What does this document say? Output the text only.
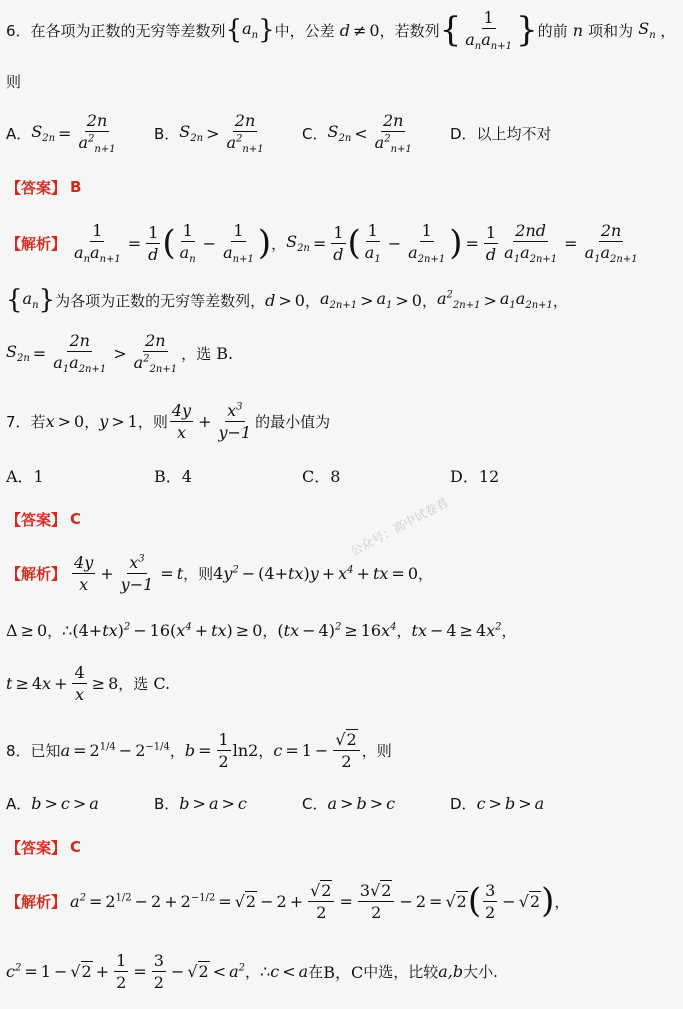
6． 在各项为正数的无穷等差数列 { $a_n$ } 中，公差 d ≠ 0 ，若数列 { $\frac{1}{a_na_{n+1}}$ } 的前 n 项和为 $S_n$ ，
则
A． $S_{2n} = \frac{2n}{a^2_{n+1}}$ B． $S_{2n} > \frac{2n}{a^2_{n+1}}$ C． $S_{2n} < \frac{2n}{a^2_{n+1}}$ D．以上均不对
【答案】 B
【解析】 $\frac{1}{a_na_{n+1}} = \frac{1}{d}$ ( $\frac{1}{a_n} - \frac{1}{a_{n+1}}$ ) ， $S_{2n} = \frac{1}{d}$ ( $\frac{1}{a_1} - \frac{1}{a_{2n+1}}$ ) = $\frac{1}{d} \frac{2nd}{a_1a_{2n+1}} = \frac{2n}{a_1a_{2n+1}}$
{ $a_n$ } 为各项为正数的无穷等差数列， d > 0 ， $a_{2n+1} > a_1 > 0$ ， $a^2_{2n+1} > a_1a_{2n+1}$ ，
$S_{2n} = \frac{2n}{a_1a_{2n+1}} > \frac{2n}{a^2_{2n+1}}$ ，选
B.
7． 若 x > 0 ， y > 1 ，则 $\frac{4y}{x} + \frac{x^3}{y-1}$ 的最小值为
A．1	B．4	C．8	D．12
【答案】 C	公众号：高中试卷君
【解析】 $\frac{4y}{x} + \frac{x^3}{y-1} = t$ ，则 4 $y^2 - (4+$ tx ) $y + x^4$ + tx = 0 ，
Δ ≥ 0 ， ∴(4+ tx )$^2$ − 16( $x^4$ + tx ) ≥ 0 ， ( tx − 4)$^2$ ≥ 16 $x^4$ ， tx − 4 ≥ 4 $x^2$ ，
t ≥ 4 $x + \frac{4}{x} \ge 8$ ，选
C.
8． 已知 $a = 2^{1/4} - 2^{-1/4}$ ， $b = \frac{1}{2} \ln 2$ ， $c = 1 - \frac{√2}{2}$ ，则
A． b > c > a	B． b > a > c	C． a > b > c	D． c > b > a
【答案】 C
【解析】 $a^2 = 2^{1/2} - 2 + 2^{-1/2} = √2 - 2 + \frac{√2}{2} = \frac{3√2}{2} - 2 = √2$ ( $\frac{3}{2} - √2$ ) ，
$c^2 = 1 - √2 + \frac{1}{2} = \frac{3}{2} - √2 < a^2$ ， ∴ c < a 在 B，C 中选，比较 a,b 大小.
